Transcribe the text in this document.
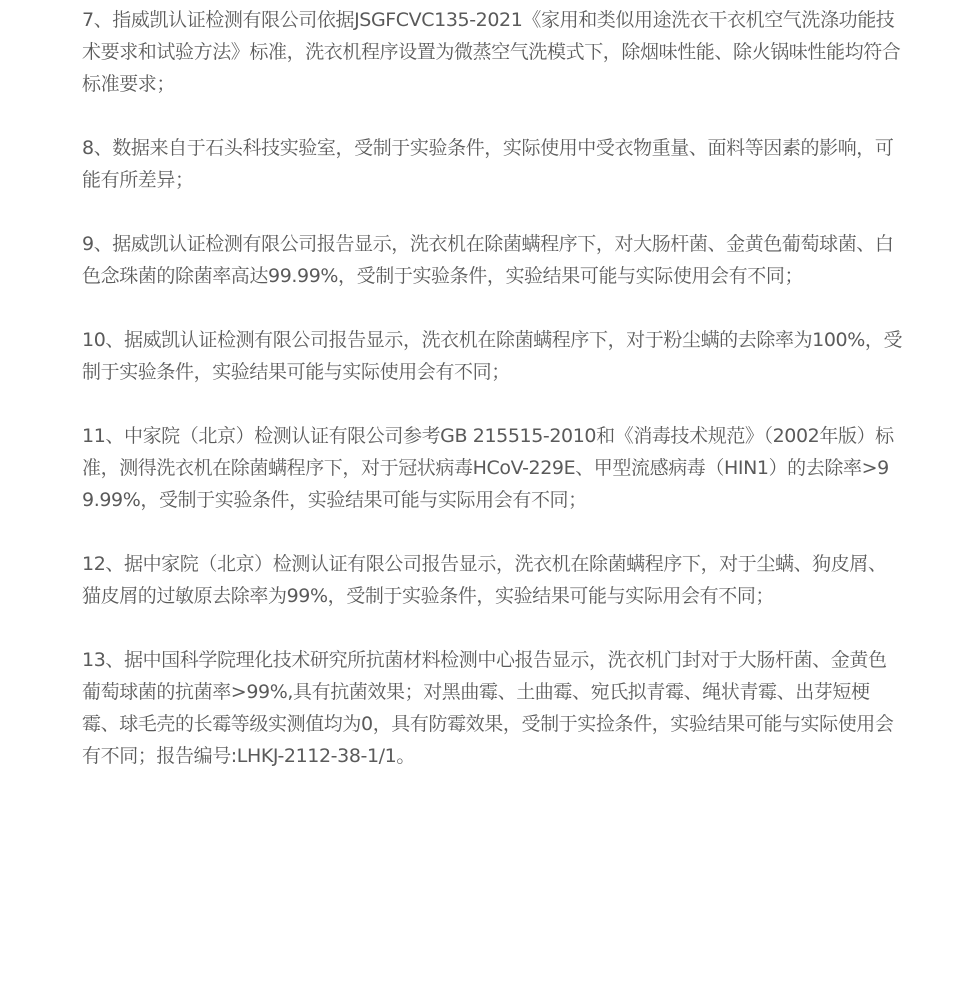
7、指威凯认证检测有限公司依据JSGFCVC135-2021《家用和类似用途洗衣干衣机空气洗涤功能技术要求和试验方法》标准，洗衣机程序设置为微蒸空气洗模式下，除烟味性能、除火锅味性能均符合标准要求；

8、数据来自于石头科技实验室，受制于实验条件，实际使用中受衣物重量、面料等因素的影响，可能有所差异；

9、据威凯认证检测有限公司报告显示，洗衣机在除菌螨程序下，对大肠杆菌、金黄色葡萄球菌、白色念珠菌的除菌率高达99.99%，受制于实验条件，实验结果可能与实际使用会有不同；

10、据威凯认证检测有限公司报告显示，洗衣机在除菌螨程序下，对于粉尘螨的去除率为100%，受制于实验条件，实验结果可能与实际使用会有不同；

11、中家院（北京）检测认证有限公司参考GB 215515-2010和《消毒技术规范》（2002年版）标准，测得洗衣机在除菌螨程序下，对于冠状病毒HCoV-229E、甲型流感病毒（HIN1）的去除率>99.99%，受制于实验条件，实验结果可能与实际用会有不同；

12、据中家院（北京）检测认证有限公司报告显示，洗衣机在除菌螨程序下，对于尘螨、狗皮屑、猫皮屑的过敏原去除率为99%，受制于实验条件，实验结果可能与实际用会有不同；

13、据中国科学院理化技术研究所抗菌材料检测中心报告显示，洗衣机门封对于大肠杆菌、金黄色葡萄球菌的抗菌率>99%,具有抗菌效果；对黑曲霉、土曲霉、宛氏拟青霉、绳状青霉、出芽短梗霉、球毛壳的长霉等级实测值均为0，具有防霉效果，受制于实捡条件，实验结果可能与实际使用会有不同；报告编号:LHKJ-2112-38-1/1。
